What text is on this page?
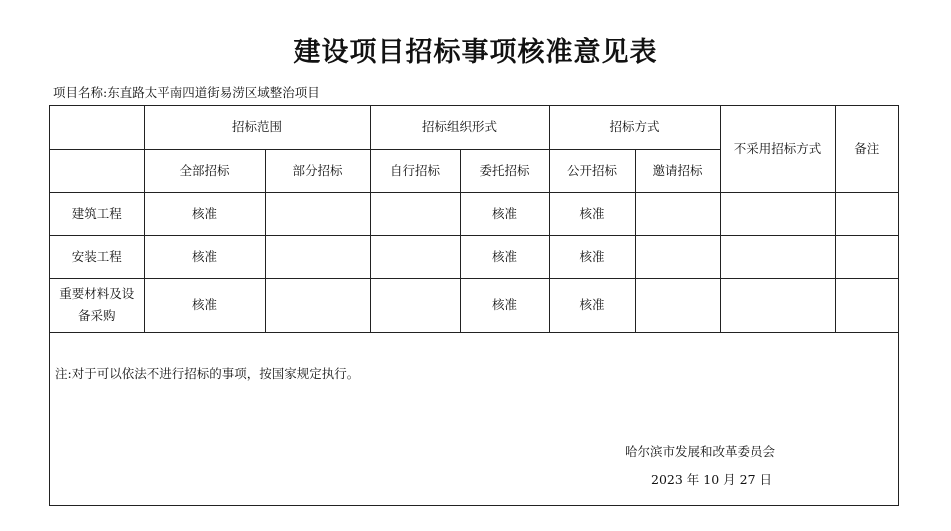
建设项目招标事项核准意见表
项目名称:东直路太平南四道街易涝区域整治项目
	招标范围		招标组织形式		招标方式		不采用招标方式	备注
	全部招标	部分招标	自行招标	委托招标	公开招标	邀请招标		
建筑工程	核准			核准	核准			
安装工程	核准			核准	核准			
重要材料及设备采购	核准			核准	核准			
注:对于可以依法不进行招标的事项，按国家规定执行。
哈尔滨市发展和改革委员会
2023 年 10 月 27 日
